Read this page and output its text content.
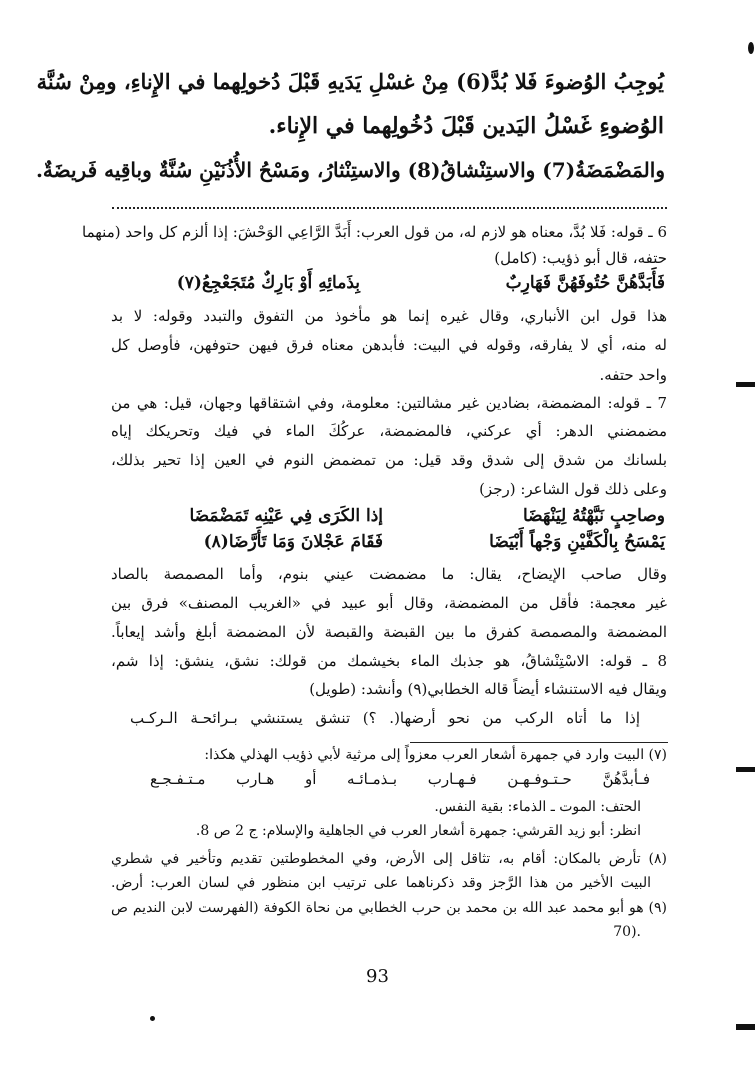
يُوجِبُ الوُضوءَ فَلا بُدَّ(6) مِنْ غسْلِ يَدَيهِ قَبْلَ دُخولِهما في الإِناءِ، ومِنْ سُنَّة
الوُضوءِ غَسْلُ اليَدين قَبْلَ دُخُولِهما في الإِناء.
والمَضْمَضَةُ(7) والاستِنْشاقُ(8) والاستِنْثارُ، ومَسْحُ الأُذُنَيْنِ سُنَّةٌ وباقِيه فَريضَةٌ.
6 ـ قوله: فَلا بُدَّ، معناه هو لازم له، من قول العرب: أَبَدَّ الرَّاعِي الوَحْشَ: إذا ألزم كل واحد (منهما
حتفه، قال أبو ذؤيب: (كامل)
فَأَبَدَّهُنَّ حُتُوفَهُنَّ فَهَارِبٌ
بِذَمائِهِ أَوْ بَارِكٌ مُتَجَعْجِعُ(٧)
هذا قول ابن الأنباري، وقال غيره إنما هو مأخوذ من التفوق والتبدد وقوله: لا بد
له منه، أي لا يفارقه، وقوله في البيت: فأبدهن معناه فرق فيهن حتوفهن، فأوصل كل
واحد حتفه.
7 ـ قوله: المضمضة، بضادين غير مشالتين: معلومة، وفي اشتقاقها وجهان، قيل: هي من
مضمضني الدهر: أي عركني، فالمضمضة، عركُكَ الماء في فيك وتحريكك إياه
بلسانك من شدق إلى شدق وقد قيل: من تمضمض النوم في العين إذا تحير بذلك،
وعلى ذلك قول الشاعر: (رجز)
وصاحِبٍ نَبَّهْتُهُ لِيَنْهَضَا
إذا الكَرَى فِي عَيْنِه تَمَضْمَضَا
يَمْسَحُ بِالْكَفَّيْنِ وَجْهاً أَبْيَضَا
فَقَامَ عَجْلانَ وَمَا تَأَرَّضَا(٨)
وقال صاحب الإيضاح، يقال: ما مضمضت عيني بنوم، وأما المصمصة بالصاد
غير معجمة: فأقل من المضمضة، وقال أبو عبيد في «الغريب المصنف» فرق بين
المضمضة والمصمصة كفرق ما بين القبضة والقبصة لأن المضمضة أبلغ وأشد إيعاباً.
8 ـ قوله: الاسْتِنْشاقُ، هو جذبك الماء بخيشمك من قولك: نشق، ينشق: إذا شم،
ويقال فيه الاستنشاء أيضاً قاله الخطابي(٩) وأنشد: (طويل)
إذا ما أتاه الركب من نحو أرضها(. ؟) تنشق يستنشي بـرائحـة الـركـب
(٧) البيت وارد في جمهرة أشعار العرب معزواً إلى مرثية لأبي ذؤيب الهذلي هكذا:
فـأبدَّهُنَّ حـتـوفـهـن فـهـارب بـذمـائـه أو هـارب مـتـفـجـع
الحتف: الموت ـ الذماء: بقية النفس.
انظر: أبو زيد القرشي: جمهرة أشعار العرب في الجاهلية والإسلام: ج 2 ص 8.
(٨) تأرض بالمكان: أقام به، تثاقل إلى الأرض، وفي المخطوطتين تقديم وتأخير في شطري
البيت الأخير من هذا الرَّجز وقد ذكرناهما على ترتيب ابن منظور في لسان العرب: أرض.
(٩) هو أبو محمد عبد الله بن محمد بن حرب الخطابي من نحاة الكوفة (الفهرست لابن النديم ص
70).
93
